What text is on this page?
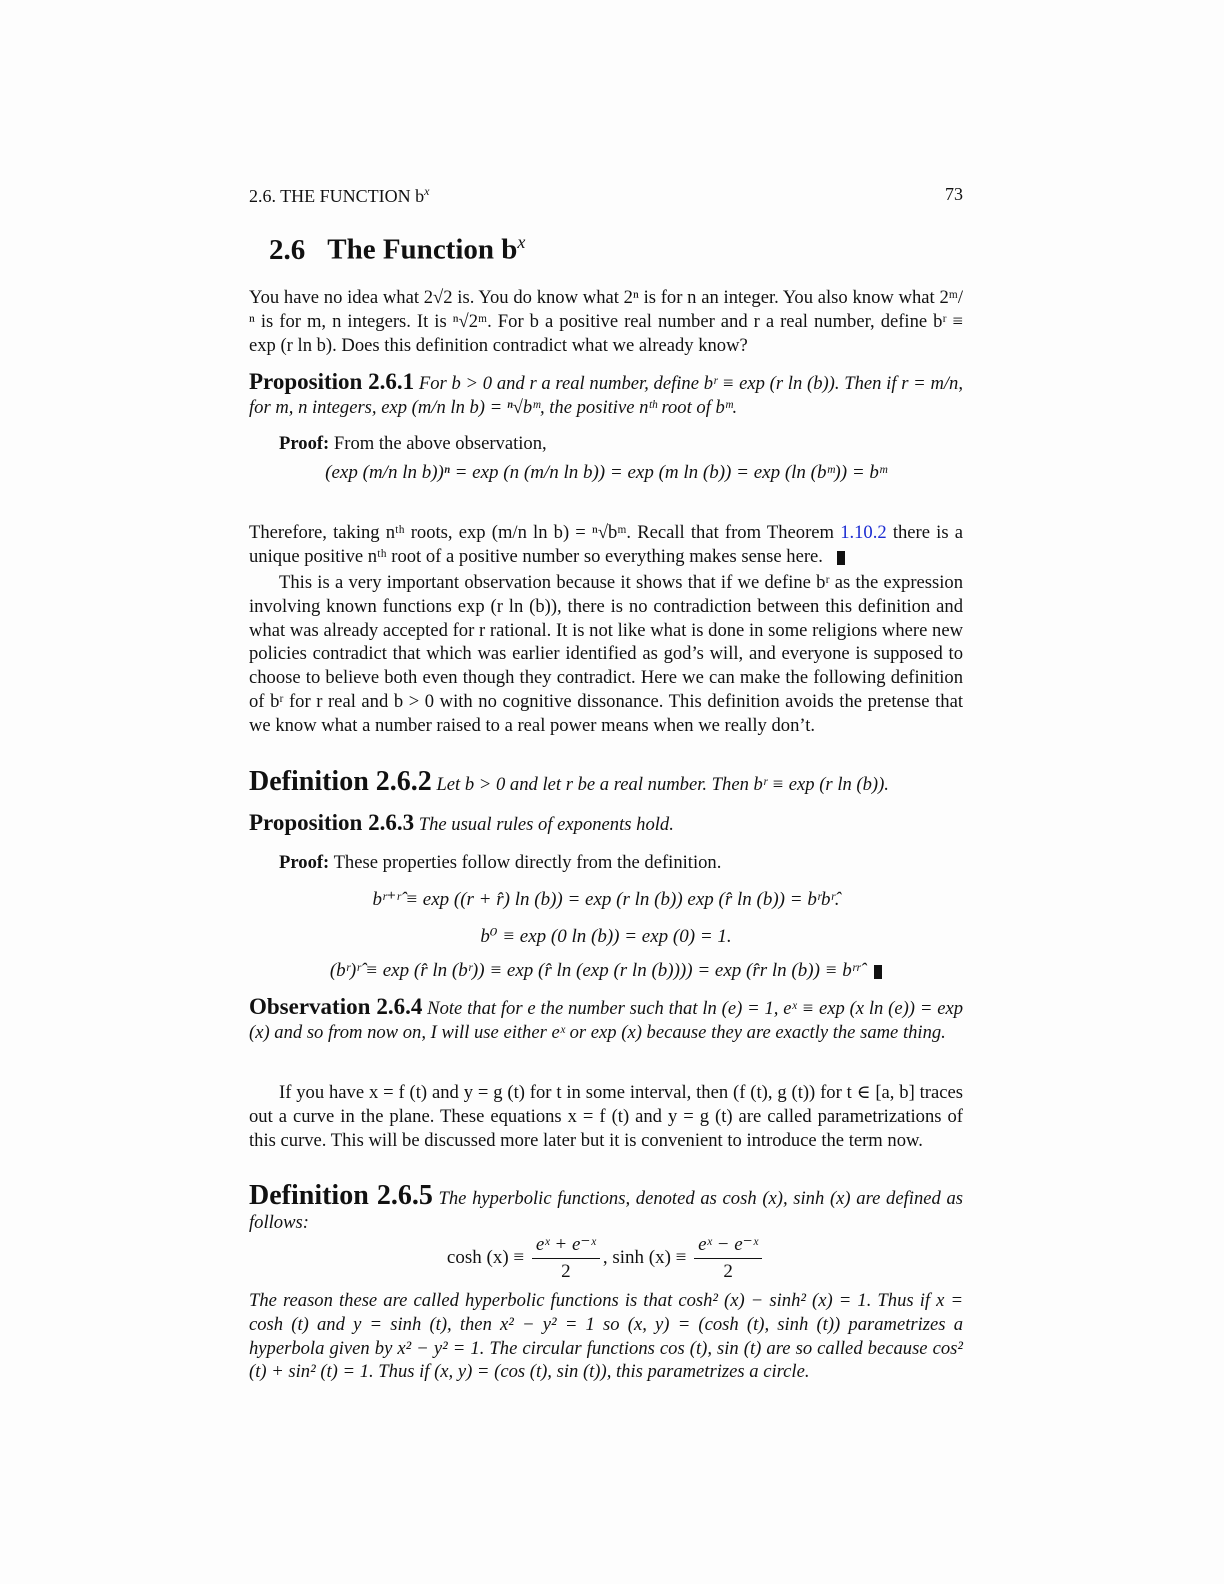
2.6. THE FUNCTION $b^x$	73
2.6 The Function $b^x$

You have no idea what 2√2 is. You do know what 2ⁿ is for n an integer. You also know what 2ᵐ/ⁿ is for m, n integers. It is ⁿ√2ᵐ. For b a positive real number and r a real number, define bʳ ≡ exp (r ln b). Does this definition contradict what we already know?

Proposition 2.6.1 For b > 0 and r a real number, define bʳ ≡ exp (r ln (b)). Then if r = m/n, for m, n integers, exp (m/n ln b) = ⁿ√bᵐ, the positive nᵗʰ root of bᵐ.

Proof: From the above observation,

(exp (m/n ln b))ⁿ = exp (n (m/n ln b)) = exp (m ln (b)) = exp (ln (bᵐ)) = bᵐ

Therefore, taking nᵗʰ roots, exp (m/n ln b) = ⁿ√bᵐ. Recall that from Theorem 1.10.2 there is a unique positive nᵗʰ root of a positive number so everything makes sense here.

This is a very important observation because it shows that if we define bʳ as the expression involving known functions exp (r ln (b)), there is no contradiction between this definition and what was already accepted for r rational. It is not like what is done in some religions where new policies contradict that which was earlier identified as god’s will, and everyone is supposed to choose to believe both even though they contradict. Here we can make the following definition of bʳ for r real and b > 0 with no cognitive dissonance. This definition avoids the pretense that we know what a number raised to a real power means when we really don’t.

Definition 2.6.2 Let b > 0 and let r be a real number. Then bʳ ≡ exp (r ln (b)).

Proposition 2.6.3 The usual rules of exponents hold.

Proof: These properties follow directly from the definition.

bʳ⁺ʳ̂ ≡ exp ((r + r̂) ln (b)) = exp (r ln (b)) exp (r̂ ln (b)) = bʳbʳ̂.
b⁰ ≡ exp (0 ln (b)) = exp (0) = 1.
(bʳ)ʳ̂ ≡ exp (r̂ ln (bʳ)) ≡ exp (r̂ ln (exp (r ln (b)))) = exp (r̂r ln (b)) ≡ bʳʳ̂

Observation 2.6.4 Note that for e the number such that ln (e) = 1, eˣ ≡ exp (x ln (e)) = exp (x) and so from now on, I will use either eˣ or exp (x) because they are exactly the same thing.

If you have x = f (t) and y = g (t) for t in some interval, then (f (t), g (t)) for t ∈ [a, b] traces out a curve in the plane. These equations x = f (t) and y = g (t) are called parametrizations of this curve. This will be discussed more later but it is convenient to introduce the term now.

Definition 2.6.5 The hyperbolic functions, denoted as cosh (x), sinh (x) are defined as follows:

$\cosh (x) \equiv \frac{\text{eˣ + e⁻ˣ}}{2}$ , $\sinh (x) \equiv \frac{\text{eˣ − e⁻ˣ}}{2}$

The reason these are called hyperbolic functions is that cosh² (x) − sinh² (x) = 1. Thus if x = cosh (t) and y = sinh (t), then x² − y² = 1 so (x, y) = (cosh (t), sinh (t)) parametrizes a hyperbola given by x² − y² = 1. The circular functions cos (t), sin (t) are so called because cos² (t) + sin² (t) = 1. Thus if (x, y) = (cos (t), sin (t)), this parametrizes a circle.
